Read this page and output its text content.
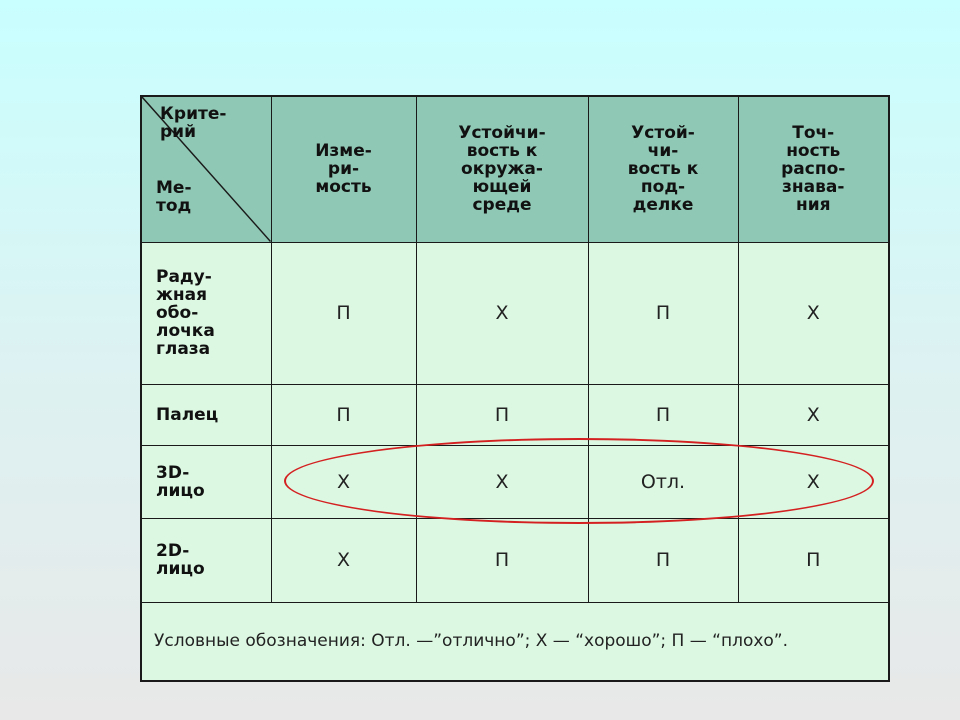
Крите-
рий
Ме-
тод	Изме-
ри-
мость	Устойчи-
вость к
окружа-
ющей
среде	Устой-
чи-
вость к
под-
делке	Точ-
ность
распо-
знава-
ния

Раду-
жная
обо-
лочка
глаза	П	Х	П	Х
Палец	П	П	П	Х
3D-
лицо	Х	Х	Отл.	Х
2D-
лицо	Х	П	П	П
Условные обозначения: Отл. —”отлично”; Х — “хорошо”; П — “плохо”.				
